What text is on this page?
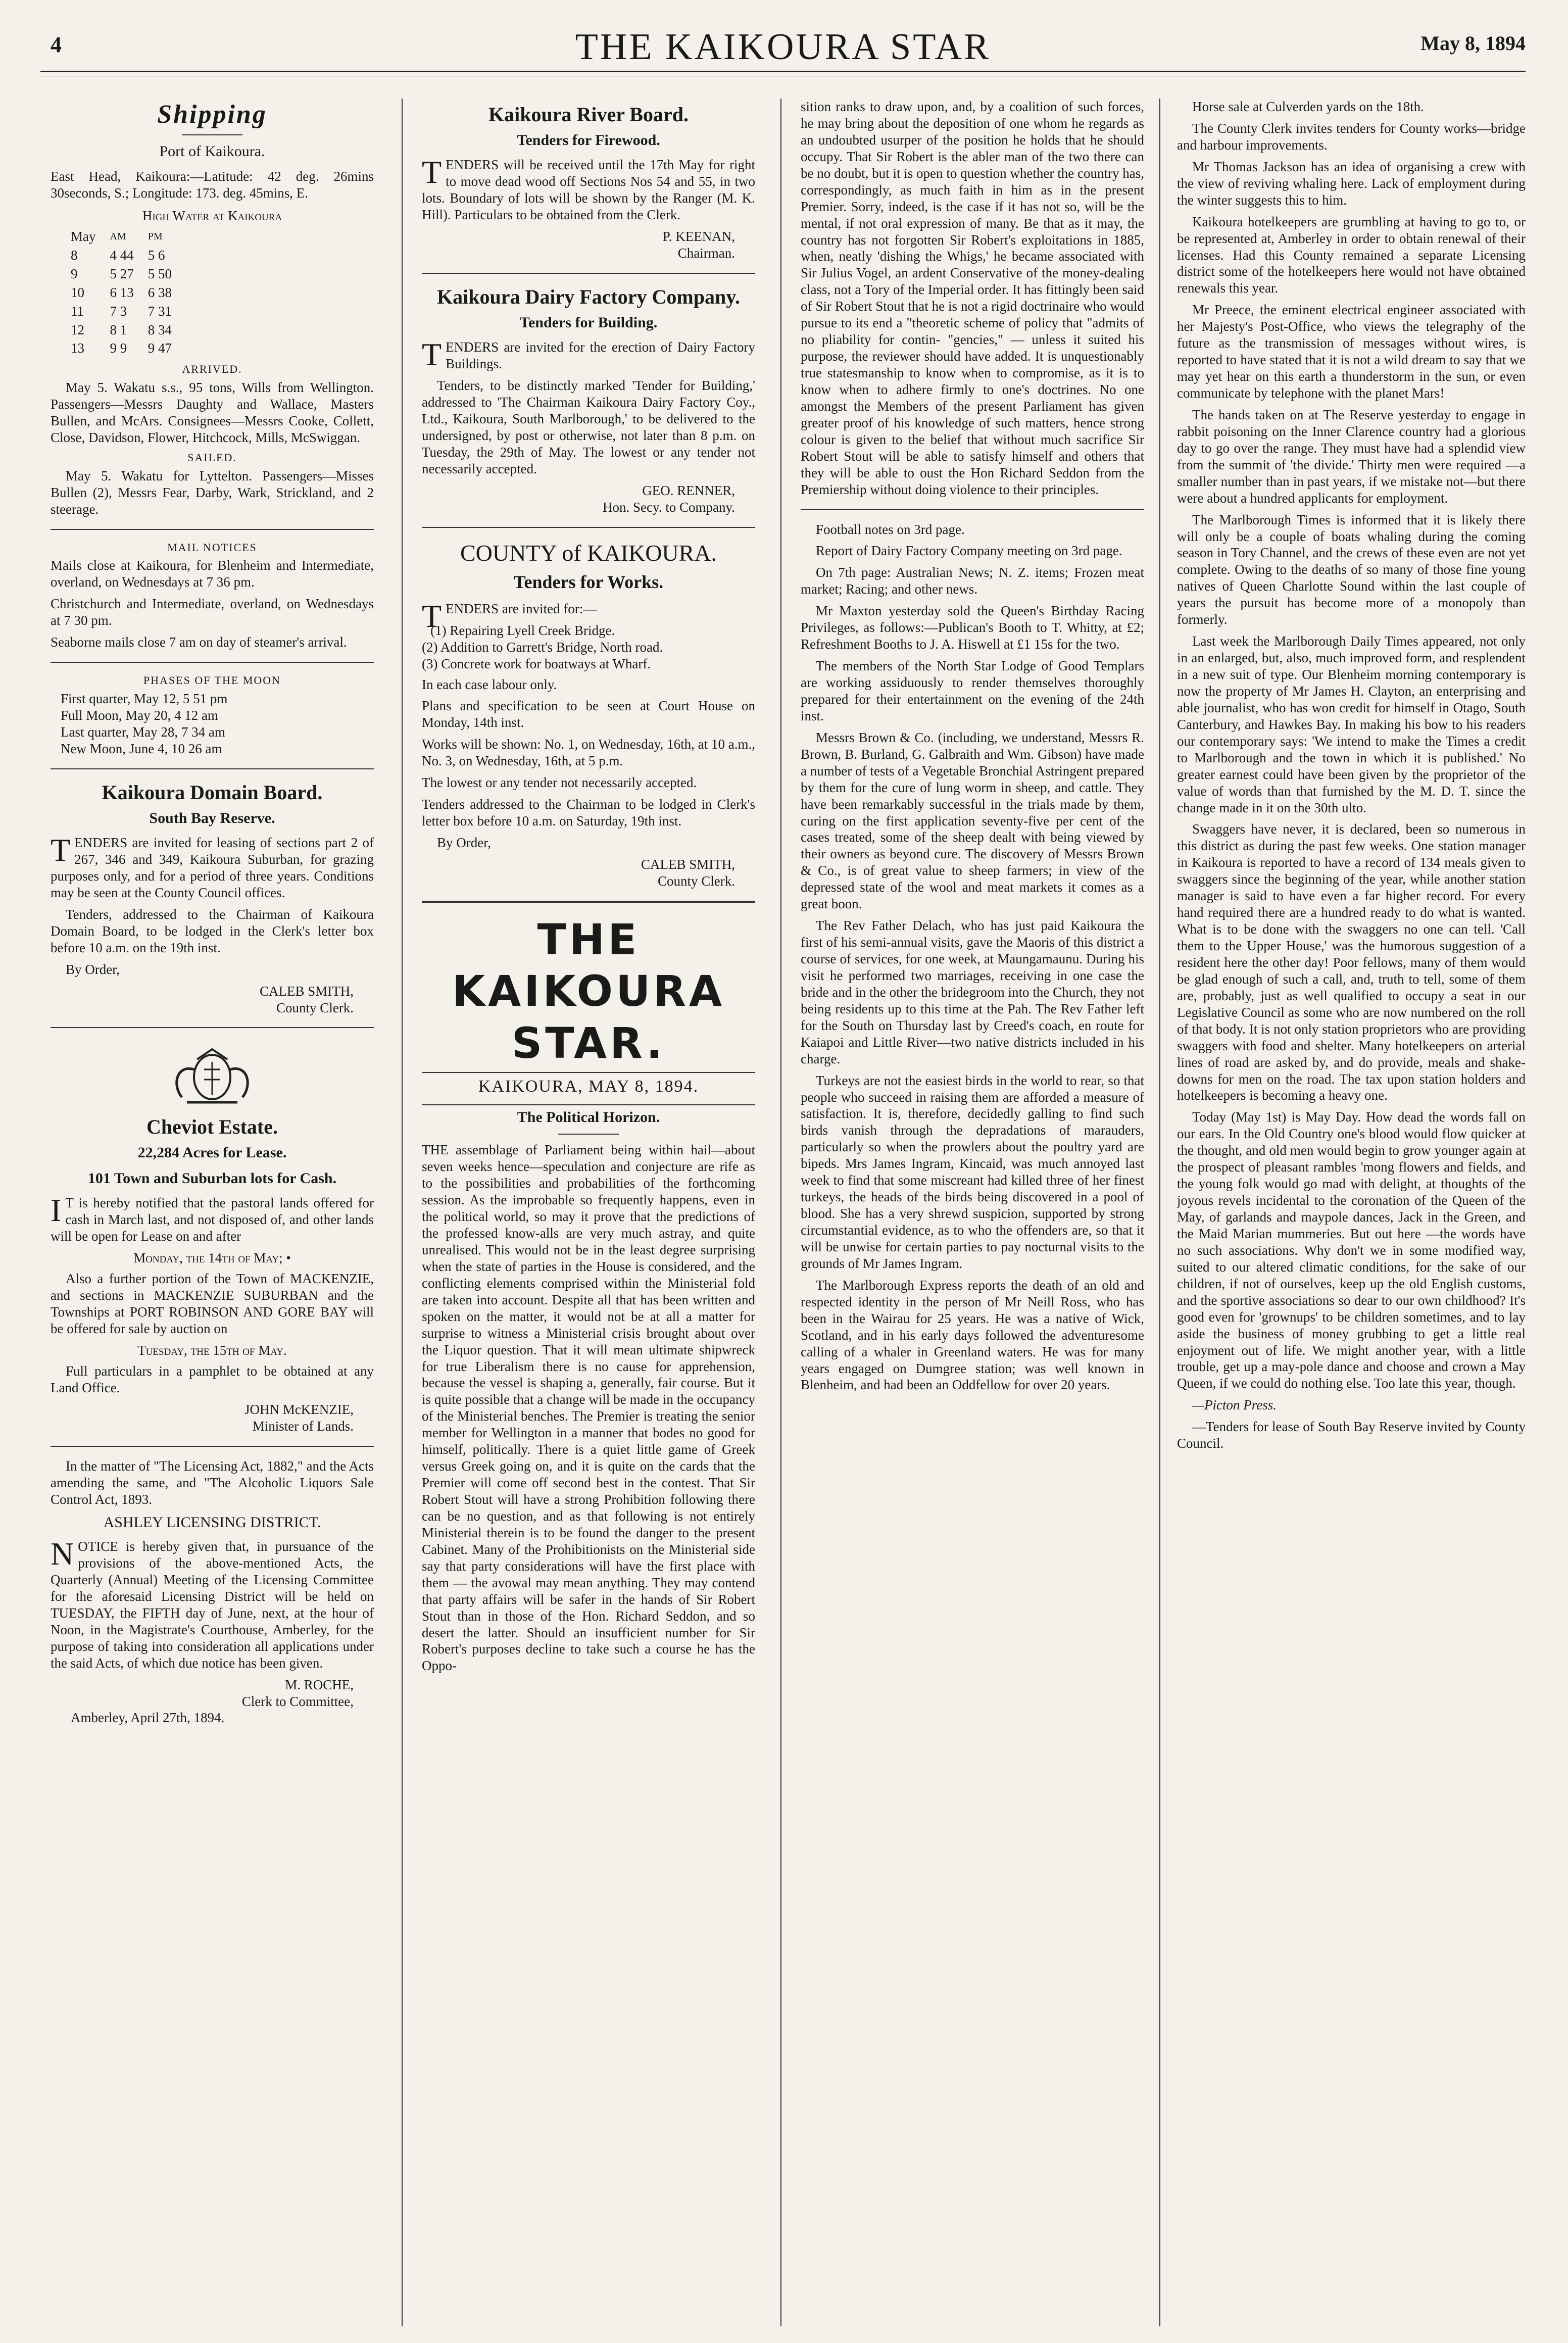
4	THE KAIKOURA STAR	May 8, 1894
Shipping
Port of Kaikoura.

East Head, Kaikoura:—Latitude: 42 deg. 26mins 30seconds, S.; Longitude: 173. deg. 45mins, E.

High Water at Kaikoura
May	AM	PM
8	4 44	5 6
9	5 27	5 50
10	6 13	6 38
11	7 3	7 31
12	8 1	8 34
13	9 9	9 47
ARRIVED.

May 5. Wakatu s.s., 95 tons, Wills from Wellington. Passengers—Messrs Daughty and Wallace, Masters Bullen, and McArs. Consignees—Messrs Cooke, Collett, Close, Davidson, Flower, Hitchcock, Mills, McSwiggan.

SAILED.

May 5. Wakatu for Lyttelton. Passengers—Misses Bullen (2), Messrs Fear, Darby, Wark, Strickland, and 2 steerage.

MAIL NOTICES

Mails close at Kaikoura, for Blenheim and Intermediate, overland, on Wednesdays at 7 36 pm.

Christchurch and Intermediate, overland, on Wednesdays at 7 30 pm.

Seaborne mails close 7 am on day of steamer's arrival.

PHASES OF THE MOON
First quarter, May 12, 5 51 pm
Full Moon, May 20, 4 12 am
Last quarter, May 28, 7 34 am
New Moon, June 4, 10 26 am
Kaikoura Domain Board.
South Bay Reserve.

TENDERS are invited for leasing of sections part 2 of 267, 346 and 349, Kaikoura Suburban, for grazing purposes only, and for a period of three years. Conditions may be seen at the County Council offices.

Tenders, addressed to the Chairman of Kaikoura Domain Board, to be lodged in the Clerk's letter box before 10 a.m. on the 19th inst.

By Order,

CALEB SMITH,
County Clerk.
Cheviot Estate.
22,284 Acres for Lease.
101 Town and Suburban lots for Cash.

I T is hereby notified that the pastoral lands offered for cash in March last, and not disposed of, and other lands will be open for Lease on and after

Monday, the 14th of May; •

Also a further portion of the Town of MACKENZIE, and sections in MACKENZIE SUBURBAN and the Townships at PORT ROBINSON AND GORE BAY will be offered for sale by auction on

Tuesday, the 15th of May.

Full particulars in a pamphlet to be obtained at any Land Office.

JOHN McKENZIE,
Minister of Lands.

In the matter of "The Licensing Act, 1882," and the Acts amending the same, and "The Alcoholic Liquors Sale Control Act, 1893.

ASHLEY LICENSING DISTRICT.

NOTICE is hereby given that, in pursuance of the provisions of the above-mentioned Acts, the Quarterly (Annual) Meeting of the Licensing Committee for the aforesaid Licensing District will be held on TUESDAY, the FIFTH day of June, next, at the hour of Noon, in the Magistrate's Courthouse, Amberley, for the purpose of taking into consideration all applications under the said Acts, of which due notice has been given.

M. ROCHE,
Clerk to Committee,
Amberley, April 27th, 1894.
Kaikoura River Board.
Tenders for Firewood.

TENDERS will be received until the 17th May for right to move dead wood off Sections Nos 54 and 55, in two lots. Boundary of lots will be shown by the Ranger (M. K. Hill). Particulars to be obtained from the Clerk.

P. KEENAN,
Chairman.
Kaikoura Dairy Factory Company.
Tenders for Building.

TENDERS are invited for the erection of Dairy Factory Buildings.

Tenders, to be distinctly marked 'Tender for Building,' addressed to 'The Chairman Kaikoura Dairy Factory Coy., Ltd., Kaikoura, South Marlborough,' to be delivered to the undersigned, by post or otherwise, not later than 8 p.m. on Tuesday, the 29th of May. The lowest or any tender not necessarily accepted.

GEO. RENNER,
Hon. Secy. to Company.
COUNTY of KAIKOURA.
Tenders for Works.

TENDERS are invited for:—

(1) Repairing Lyell Creek Bridge.
(2) Addition to Garrett's Bridge, North road.
(3) Concrete work for boatways at Wharf.

In each case labour only.

Plans and specification to be seen at Court House on Monday, 14th inst.

Works will be shown: No. 1, on Wednesday, 16th, at 10 a.m., No. 3, on Wednesday, 16th, at 5 p.m.

The lowest or any tender not necessarily accepted.

Tenders addressed to the Chairman to be lodged in Clerk's letter box before 10 a.m. on Saturday, 19th inst.

By Order,

CALEB SMITH,
County Clerk.
THE KAIKOURA STAR.
KAIKOURA, MAY 8, 1894.
The Political Horizon.

THE assemblage of Parliament being within hail—about seven weeks hence—speculation and conjecture are rife as to the possibilities and probabilities of the forthcoming session. As the improbable so frequently happens, even in the political world, so may it prove that the predictions of the professed know-alls are very much astray, and quite unrealised. This would not be in the least degree surprising when the state of parties in the House is considered, and the conflicting elements comprised within the Ministerial fold are taken into account. Despite all that has been written and spoken on the matter, it would not be at all a matter for surprise to witness a Ministerial crisis brought about over the Liquor question. That it will mean ultimate shipwreck for true Liberalism there is no cause for apprehension, because the vessel is shaping a, generally, fair course. But it is quite possible that a change will be made in the occupancy of the Ministerial benches. The Premier is treating the senior member for Wellington in a manner that bodes no good for himself, politically. There is a quiet little game of Greek versus Greek going on, and it is quite on the cards that the Premier will come off second best in the contest. That Sir Robert Stout will have a strong Prohibition following there can be no question, and as that following is not entirely Ministerial therein is to be found the danger to the present Cabinet. Many of the Prohibitionists on the Ministerial side say that party considerations will have the first place with them — the avowal may mean anything. They may contend that party affairs will be safer in the hands of Sir Robert Stout than in those of the Hon. Richard Seddon, and so desert the latter. Should an insufficient number for Sir Robert's purposes decline to take such a course he has the Oppo-

sition ranks to draw upon, and, by a coalition of such forces, he may bring about the deposition of one whom he regards as an undoubted usurper of the position he holds that he should occupy. That Sir Robert is the abler man of the two there can be no doubt, but it is open to question whether the country has, correspondingly, as much faith in him as in the present Premier. Sorry, indeed, is the case if it has not so, will be the mental, if not oral expression of many. Be that as it may, the country has not forgotten Sir Robert's exploitations in 1885, when, neatly 'dishing the Whigs,' he became associated with Sir Julius Vogel, an ardent Conservative of the money-dealing class, not a Tory of the Imperial order. It has fittingly been said of Sir Robert Stout that he is not a rigid doctrinaire who would pursue to its end a "theoretic scheme of policy that "admits of no pliability for contin- "gencies," — unless it suited his purpose, the reviewer should have added. It is unquestionably true statesmanship to know when to compromise, as it is to know when to adhere firmly to one's doctrines. No one amongst the Members of the present Parliament has given greater proof of his knowledge of such matters, hence strong colour is given to the belief that without much sacrifice Sir Robert Stout will be able to satisfy himself and others that they will be able to oust the Hon Richard Seddon from the Premiership without doing violence to their principles.

Football notes on 3rd page.

Report of Dairy Factory Company meeting on 3rd page.

On 7th page: Australian News; N. Z. items; Frozen meat market; Racing; and other news.

Mr Maxton yesterday sold the Queen's Birthday Racing Privileges, as follows:—Publican's Booth to T. Whitty, at £2; Refreshment Booths to J. A. Hiswell at £1 15s for the two.

The members of the North Star Lodge of Good Templars are working assiduously to render themselves thoroughly prepared for their entertainment on the evening of the 24th inst.

Messrs Brown & Co. (including, we understand, Messrs R. Brown, B. Burland, G. Galbraith and Wm. Gibson) have made a number of tests of a Vegetable Bronchial Astringent prepared by them for the cure of lung worm in sheep, and cattle. They have been remarkably successful in the trials made by them, curing on the first application seventy-five per cent of the cases treated, some of the sheep dealt with being viewed by their owners as beyond cure. The discovery of Messrs Brown & Co., is of great value to sheep farmers; in view of the depressed state of the wool and meat markets it comes as a great boon.

The Rev Father Delach, who has just paid Kaikoura the first of his semi-annual visits, gave the Maoris of this district a course of services, for one week, at Maungamaunu. During his visit he performed two marriages, receiving in one case the bride and in the other the bridegroom into the Church, they not being residents up to this time at the Pah. The Rev Father left for the South on Thursday last by Creed's coach, en route for Kaiapoi and Little River—two native districts included in his charge.

Turkeys are not the easiest birds in the world to rear, so that people who succeed in raising them are afforded a measure of satisfaction. It is, therefore, decidedly galling to find such birds vanish through the depradations of marauders, particularly so when the prowlers about the poultry yard are bipeds. Mrs James Ingram, Kincaid, was much annoyed last week to find that some miscreant had killed three of her finest turkeys, the heads of the birds being discovered in a pool of blood. She has a very shrewd suspicion, supported by strong circumstantial evidence, as to who the offenders are, so that it will be unwise for certain parties to pay nocturnal visits to the grounds of Mr James Ingram.

The Marlborough Express reports the death of an old and respected identity in the person of Mr Neill Ross, who has been in the Wairau for 25 years. He was a native of Wick, Scotland, and in his early days followed the adventuresome calling of a whaler in Greenland waters. He was for many years engaged on Dumgree station; was well known in Blenheim, and had been an Oddfellow for over 20 years.

Horse sale at Culverden yards on the 18th.

The County Clerk invites tenders for County works—bridge and harbour improvements.

Mr Thomas Jackson has an idea of organising a crew with the view of reviving whaling here. Lack of employment during the winter suggests this to him.

Kaikoura hotelkeepers are grumbling at having to go to, or be represented at, Amberley in order to obtain renewal of their licenses. Had this County remained a separate Licensing district some of the hotelkeepers here would not have obtained renewals this year.

Mr Preece, the eminent electrical engineer associated with her Majesty's Post-Office, who views the telegraphy of the future as the transmission of messages without wires, is reported to have stated that it is not a wild dream to say that we may yet hear on this earth a thunderstorm in the sun, or even communicate by telephone with the planet Mars!

The hands taken on at The Reserve yesterday to engage in rabbit poisoning on the Inner Clarence country had a glorious day to go over the range. They must have had a splendid view from the summit of 'the divide.' Thirty men were required —a smaller number than in past years, if we mistake not—but there were about a hundred applicants for employment.

The Marlborough Times is informed that it is likely there will only be a couple of boats whaling during the coming season in Tory Channel, and the crews of these even are not yet complete. Owing to the deaths of so many of those fine young natives of Queen Charlotte Sound within the last couple of years the pursuit has become more of a monopoly than formerly.

Last week the Marlborough Daily Times appeared, not only in an enlarged, but, also, much improved form, and resplendent in a new suit of type. Our Blenheim morning contemporary is now the property of Mr James H. Clayton, an enterprising and able journalist, who has won credit for himself in Otago, South Canterbury, and Hawkes Bay. In making his bow to his readers our contemporary says: 'We intend to make the Times a credit to Marlborough and the town in which it is published.' No greater earnest could have been given by the proprietor of the value of words than that furnished by the M. D. T. since the change made in it on the 30th ulto.

Swaggers have never, it is declared, been so numerous in this district as during the past few weeks. One station manager in Kaikoura is reported to have a record of 134 meals given to swaggers since the beginning of the year, while another station manager is said to have even a far higher record. For every hand required there are a hundred ready to do what is wanted. What is to be done with the swaggers no one can tell. 'Call them to the Upper House,' was the humorous suggestion of a resident here the other day! Poor fellows, many of them would be glad enough of such a call, and, truth to tell, some of them are, probably, just as well qualified to occupy a seat in our Legislative Council as some who are now numbered on the roll of that body. It is not only station proprietors who are providing swaggers with food and shelter. Many hotelkeepers on arterial lines of road are asked by, and do provide, meals and shake-downs for men on the road. The tax upon station holders and hotelkeepers is becoming a heavy one.

Today (May 1st) is May Day. How dead the words fall on our ears. In the Old Country one's blood would flow quicker at the thought, and old men would begin to grow younger again at the prospect of pleasant rambles 'mong flowers and fields, and the young folk would go mad with delight, at thoughts of the joyous revels incidental to the coronation of the Queen of the May, of garlands and maypole dances, Jack in the Green, and the Maid Marian mummeries. But out here —the words have no such associations. Why don't we in some modified way, suited to our altered climatic conditions, for the sake of our children, if not of ourselves, keep up the old English customs, and the sportive associations so dear to our own childhood? It's good even for 'grownups' to be children sometimes, and to lay aside the business of money grubbing to get a little real enjoyment out of life. We might another year, with a little trouble, get up a may-pole dance and choose and crown a May Queen, if we could do nothing else. Too late this year, though.

—Picton Press.

—Tenders for lease of South Bay Reserve invited by County Council.
